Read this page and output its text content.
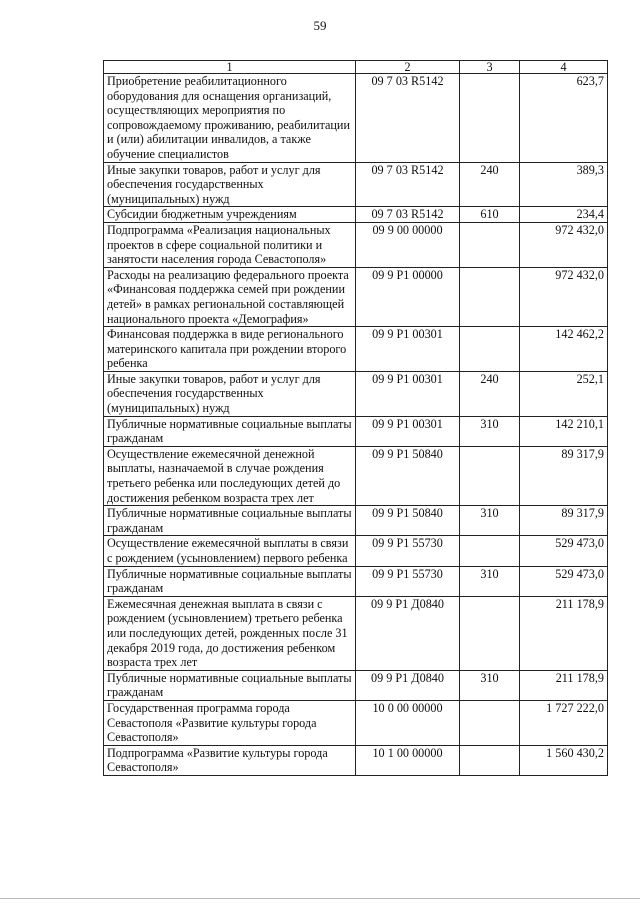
59
1	2	3	4
Приобретение реабилитационного оборудования для оснащения организаций, осуществляющих мероприятия по сопровождаемому проживанию, реабилитации и (или) абилитации инвалидов, а также обучение специалистов	09 7 03 R5142		623,7
Иные закупки товаров, работ и услуг для обеспечения государственных (муниципальных) нужд	09 7 03 R5142	240	389,3
Субсидии бюджетным учреждениям	09 7 03 R5142	610	234,4
Подпрограмма «Реализация национальных проектов в сфере социальной политики и занятости населения города Севастополя»	09 9 00 00000		972 432,0
Расходы на реализацию федерального проекта «Финансовая поддержка семей при рождении детей» в рамках региональной составляющей национального проекта «Демография»	09 9 P1 00000		972 432,0
Финансовая поддержка в виде регионального материнского капитала при рождении второго ребенка	09 9 P1 00301		142 462,2
Иные закупки товаров, работ и услуг для обеспечения государственных (муниципальных) нужд	09 9 P1 00301	240	252,1
Публичные нормативные социальные выплаты гражданам	09 9 P1 00301	310	142 210,1
Осуществление ежемесячной денежной выплаты, назначаемой в случае рождения третьего ребенка или последующих детей до достижения ребенком возраста трех лет	09 9 P1 50840		89 317,9
Публичные нормативные социальные выплаты гражданам	09 9 P1 50840	310	89 317,9
Осуществление ежемесячной выплаты в связи с рождением (усыновлением) первого ребенка	09 9 P1 55730		529 473,0
Публичные нормативные социальные выплаты гражданам	09 9 P1 55730	310	529 473,0
Ежемесячная денежная выплата в связи с рождением (усыновлением) третьего ребенка или последующих детей, рожденных после 31 декабря 2019 года, до достижения ребенком возраста трех лет	09 9 P1 Д0840		211 178,9
Публичные нормативные социальные выплаты гражданам	09 9 P1 Д0840	310	211 178,9
Государственная программа города Севастополя «Развитие культуры города Севастополя»	10 0 00 00000		1 727 222,0
Подпрограмма «Развитие культуры города Севастополя»	10 1 00 00000		1 560 430,2
